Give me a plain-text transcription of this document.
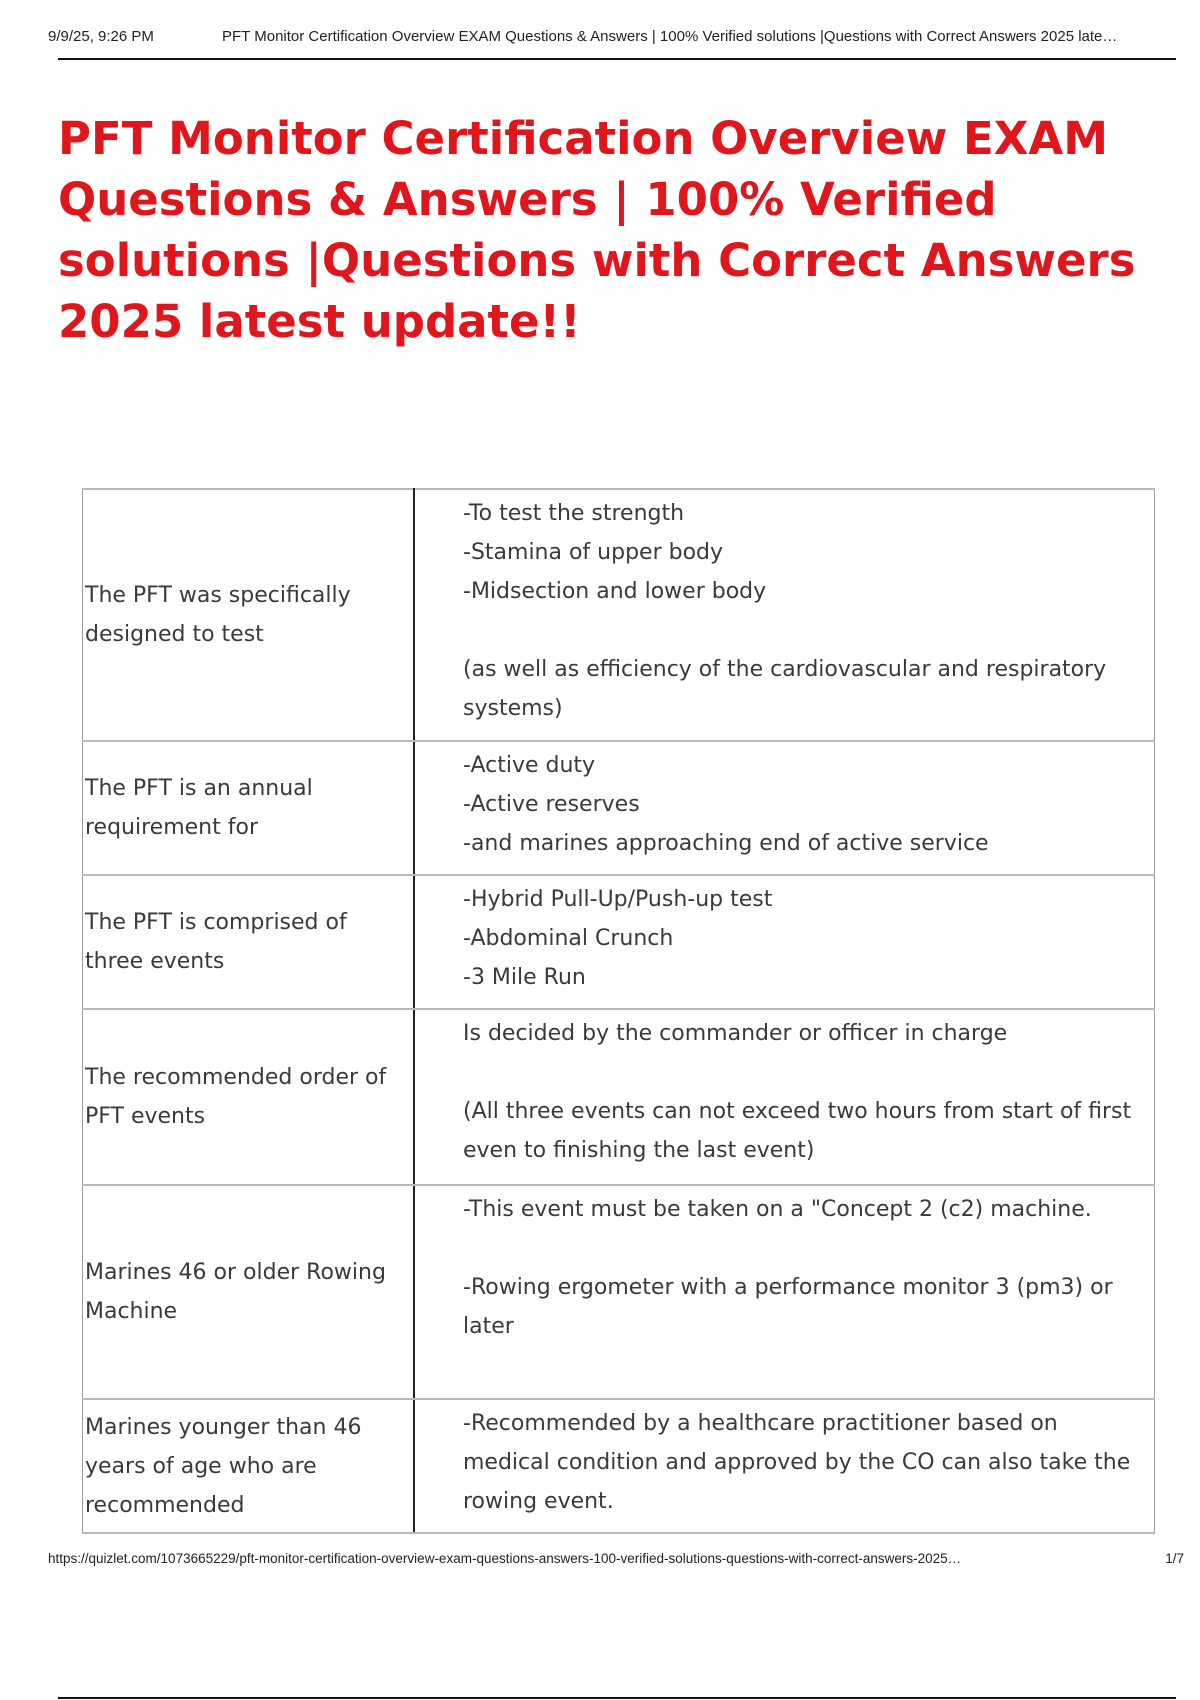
9/9/25, 9:26 PM	PFT Monitor Certification Overview EXAM Questions & Answers | 100% Verified solutions |Questions with Correct Answers 2025 late…
PFT Monitor Certification Overview EXAM Questions & Answers | 100% Verified solutions |Questions with Correct Answers 2025 latest update!!
The PFT was specifically designed to test	-To test the strength
-Stamina of upper body
-Midsection and lower body
(as well as efficiency of the cardiovascular and respiratory systems)

The PFT is an annual requirement for	-Active duty
-Active reserves
-and marines approaching end of active service

The PFT is comprised of three events	-Hybrid Pull-Up/Push-up test
-Abdominal Crunch
-3 Mile Run

The recommended order of PFT events	Is decided by the commander or officer in charge
(All three events can not exceed two hours from start of first even to finishing the last event)

Marines 46 or older Rowing Machine	-This event must be taken on a "Concept 2 (c2) machine.
-Rowing ergometer with a performance monitor 3 (pm3) or later

Marines younger than 46 years of age who are recommended	-Recommended by a healthcare practitioner based on medical condition and approved by the CO can also take the rowing event.
https://quizlet.com/1073665229/pft-monitor-certification-overview-exam-questions-answers-100-verified-solutions-questions-with-correct-answers-2025…	1/7
